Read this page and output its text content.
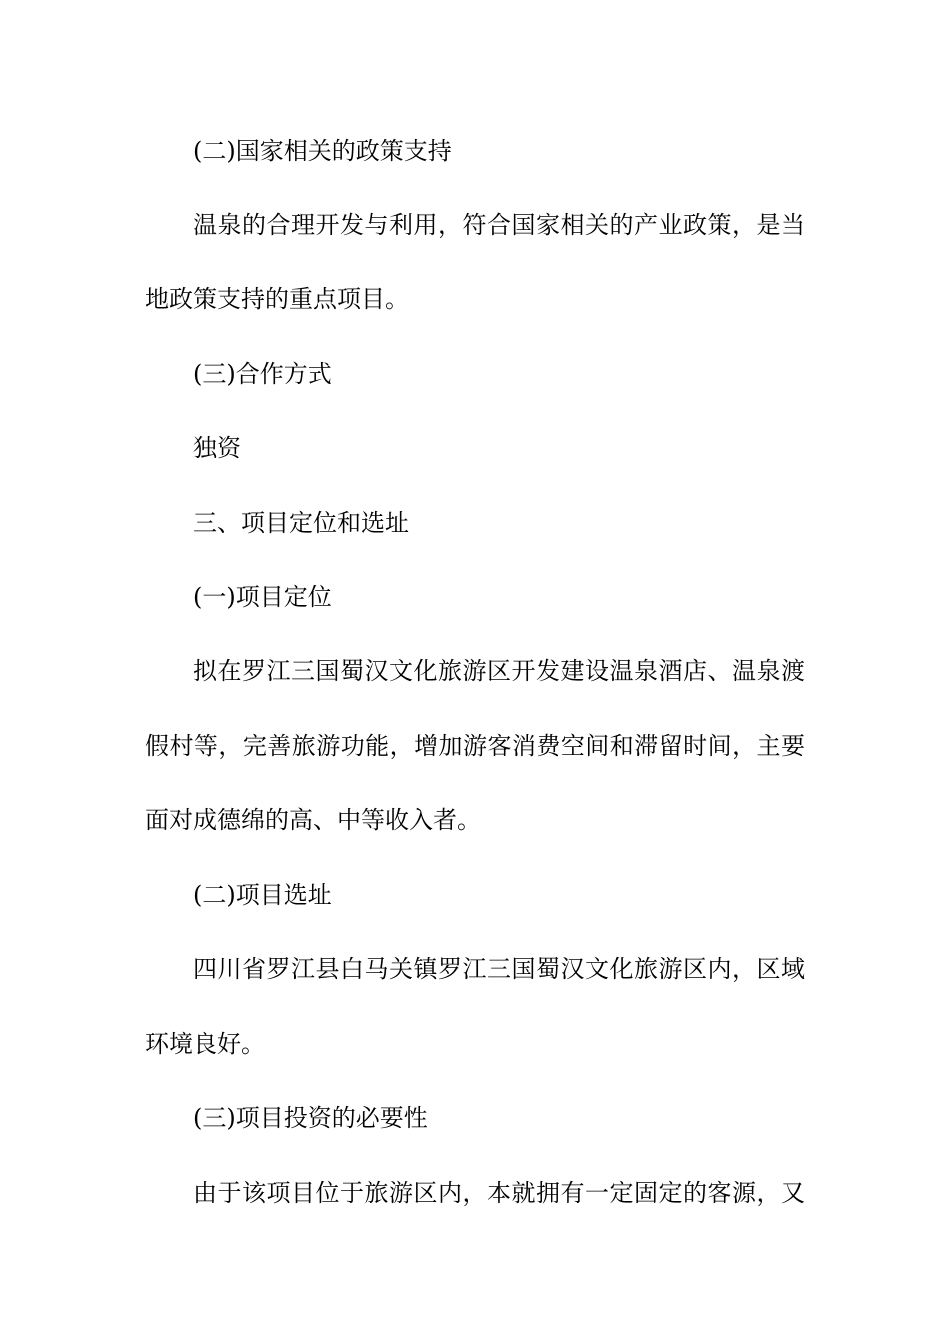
(二)国家相关的政策支持
温泉的合理开发与利用，符合国家相关的产业政策，是当
地政策支持的重点项目。
(三)合作方式
独资
三、项目定位和选址
(一)项目定位
拟在罗江三国蜀汉文化旅游区开发建设温泉酒店、温泉渡
假村等，完善旅游功能，增加游客消费空间和滞留时间，主要
面对成德绵的高、中等收入者。
(二)项目选址
四川省罗江县白马关镇罗江三国蜀汉文化旅游区内，区域
环境良好。
(三)项目投资的必要性
由于该项目位于旅游区内，本就拥有一定固定的客源，又
